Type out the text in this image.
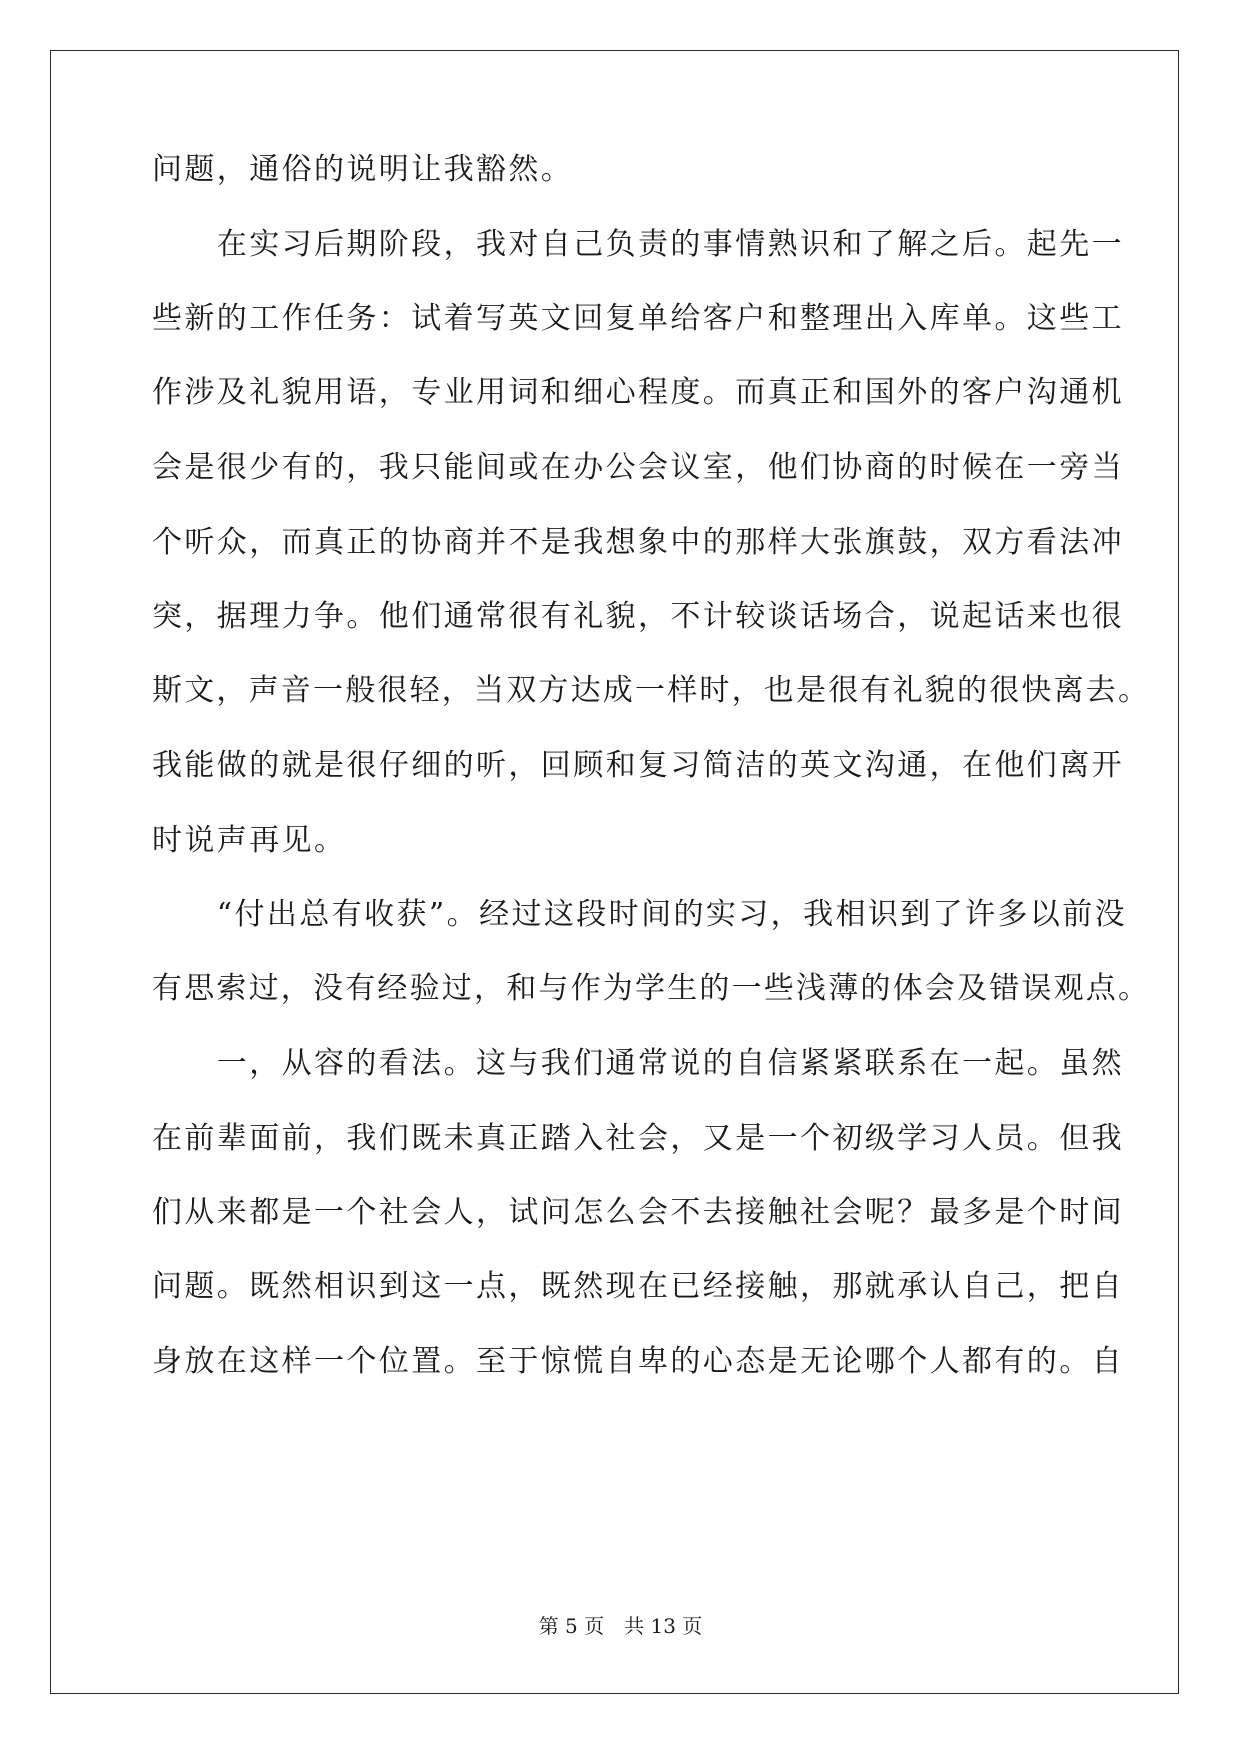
问题，通俗的说明让我豁然。
　　在实习后期阶段，我对自己负责的事情熟识和了解之后。起先一
些新的工作任务：试着写英文回复单给客户和整理出入库单。这些工
作涉及礼貌用语，专业用词和细心程度。而真正和国外的客户沟通机
会是很少有的，我只能间或在办公会议室，他们协商的时候在一旁当
个听众，而真正的协商并不是我想象中的那样大张旗鼓，双方看法冲
突，据理力争。他们通常很有礼貌，不计较谈话场合，说起话来也很
斯文，声音一般很轻，当双方达成一样时，也是很有礼貌的很快离去。
我能做的就是很仔细的听，回顾和复习简洁的英文沟通，在他们离开
时说声再见。
　　“付出总有收获”。经过这段时间的实习，我相识到了许多以前没
有思索过，没有经验过，和与作为学生的一些浅薄的体会及错误观点。
　　一，从容的看法。这与我们通常说的自信紧紧联系在一起。虽然
在前辈面前，我们既未真正踏入社会，又是一个初级学习人员。但我
们从来都是一个社会人，试问怎么会不去接触社会呢？最多是个时间
问题。既然相识到这一点，既然现在已经接触，那就承认自己，把自
身放在这样一个位置。至于惊慌自卑的心态是无论哪个人都有的。自
第 5 页 共 13 页
